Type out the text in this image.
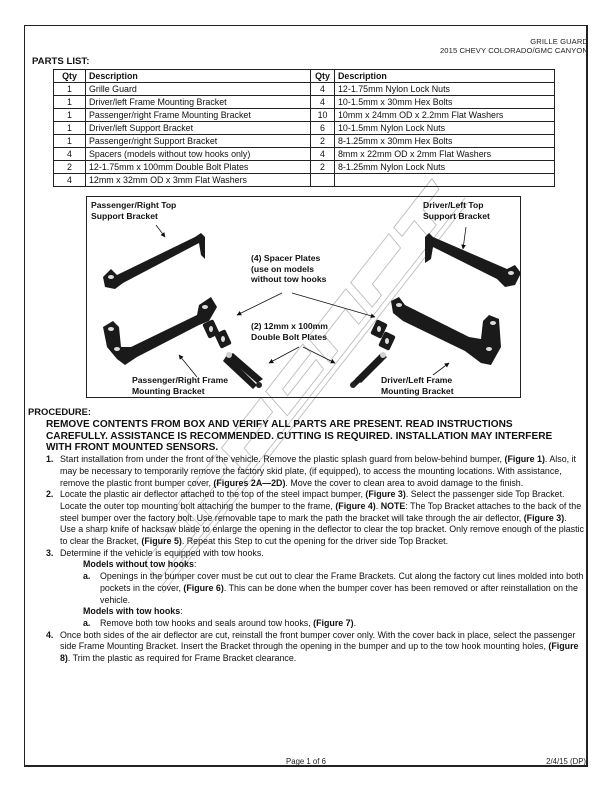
GRILLE GUARD
2015 CHEVY COLORADO/GMC CANYON
PARTS LIST:
Qty	Description	Qty	Description
1	Grille Guard	4	12-1.75mm Nylon Lock Nuts
1	Driver/left Frame Mounting Bracket	4	10-1.5mm x 30mm Hex Bolts
1	Passenger/right Frame Mounting Bracket	10	10mm x 24mm OD x 2.2mm Flat Washers
1	Driver/left Support Bracket	6	10-1.5mm Nylon Lock Nuts
1	Passenger/right Support Bracket	2	8-1.25mm x 30mm Hex Bolts
4	Spacers (models without tow hooks only)	4	8mm x 22mm OD x 2mm Flat Washers
2	12-1.75mm x 100mm Double Bolt Plates	2	8-1.25mm Nylon Lock Nuts
4	12mm x 32mm OD x 3mm Flat Washers		
Passenger/Right Top
Support Bracket
Driver/Left Top
Support Bracket
(4) Spacer Plates
(use on models
without tow hooks
(2) 12mm x 100mm
Double Bolt Plates
Passenger/Right Frame
Mounting Bracket
Driver/Left Frame
Mounting Bracket
PROCEDURE:
REMOVE CONTENTS FROM BOX AND VERIFY ALL PARTS ARE PRESENT. READ INSTRUCTIONS CAREFULLY. ASSISTANCE IS RECOMMENDED. CUTTING IS REQUIRED. INSTALLATION MAY INTERFERE WITH FRONT MOUNTED SENSORS.
1. Start installation from under the front of the vehicle. Remove the plastic splash guard from below-behind bumper, (Figure 1). Also, it may be necessary to temporarily remove the factory skid plate, (if equipped), to access the mounting locations. With assistance, remove the plastic front bumper cover, (Figures 2A—2D). Move the cover to clean area to avoid damage to the finish.
2. Locate the plastic air deflector attached to the top of the steel impact bumper, (Figure 3). Select the passenger side Top Bracket. Locate the outer top mounting bolt attaching the bumper to the frame, (Figure 4). NOTE: The Top Bracket attaches to the back of the steel bumper over the factory bolt. Use removable tape to mark the path the bracket will take through the air deflector, (Figure 3). Use a sharp knife of hacksaw blade to enlarge the opening in the deflector to clear the top bracket. Only remove enough of the plastic to clear the Bracket, (Figure 5). Repeat this Step to cut the opening for the driver side Top Bracket.
3. Determine if the vehicle is equipped with tow hooks.
Models without tow hooks:
a. Openings in the bumper cover must be cut out to clear the Frame Brackets. Cut along the factory cut lines molded into both pockets in the cover, (Figure 6). This can be done when the bumper cover has been removed or after reinstallation on the vehicle.
Models with tow hooks:
a. Remove both tow hooks and seals around tow hooks, (Figure 7).
4. Once both sides of the air deflector are cut, reinstall the front bumper cover only. With the cover back in place, select the passenger side Frame Mounting Bracket. Insert the Bracket through the opening in the bumper and up to the tow hook mounting holes, (Figure 8). Trim the plastic as required for Frame Bracket clearance.
Page 1 of 6	2/4/15 (DP)
